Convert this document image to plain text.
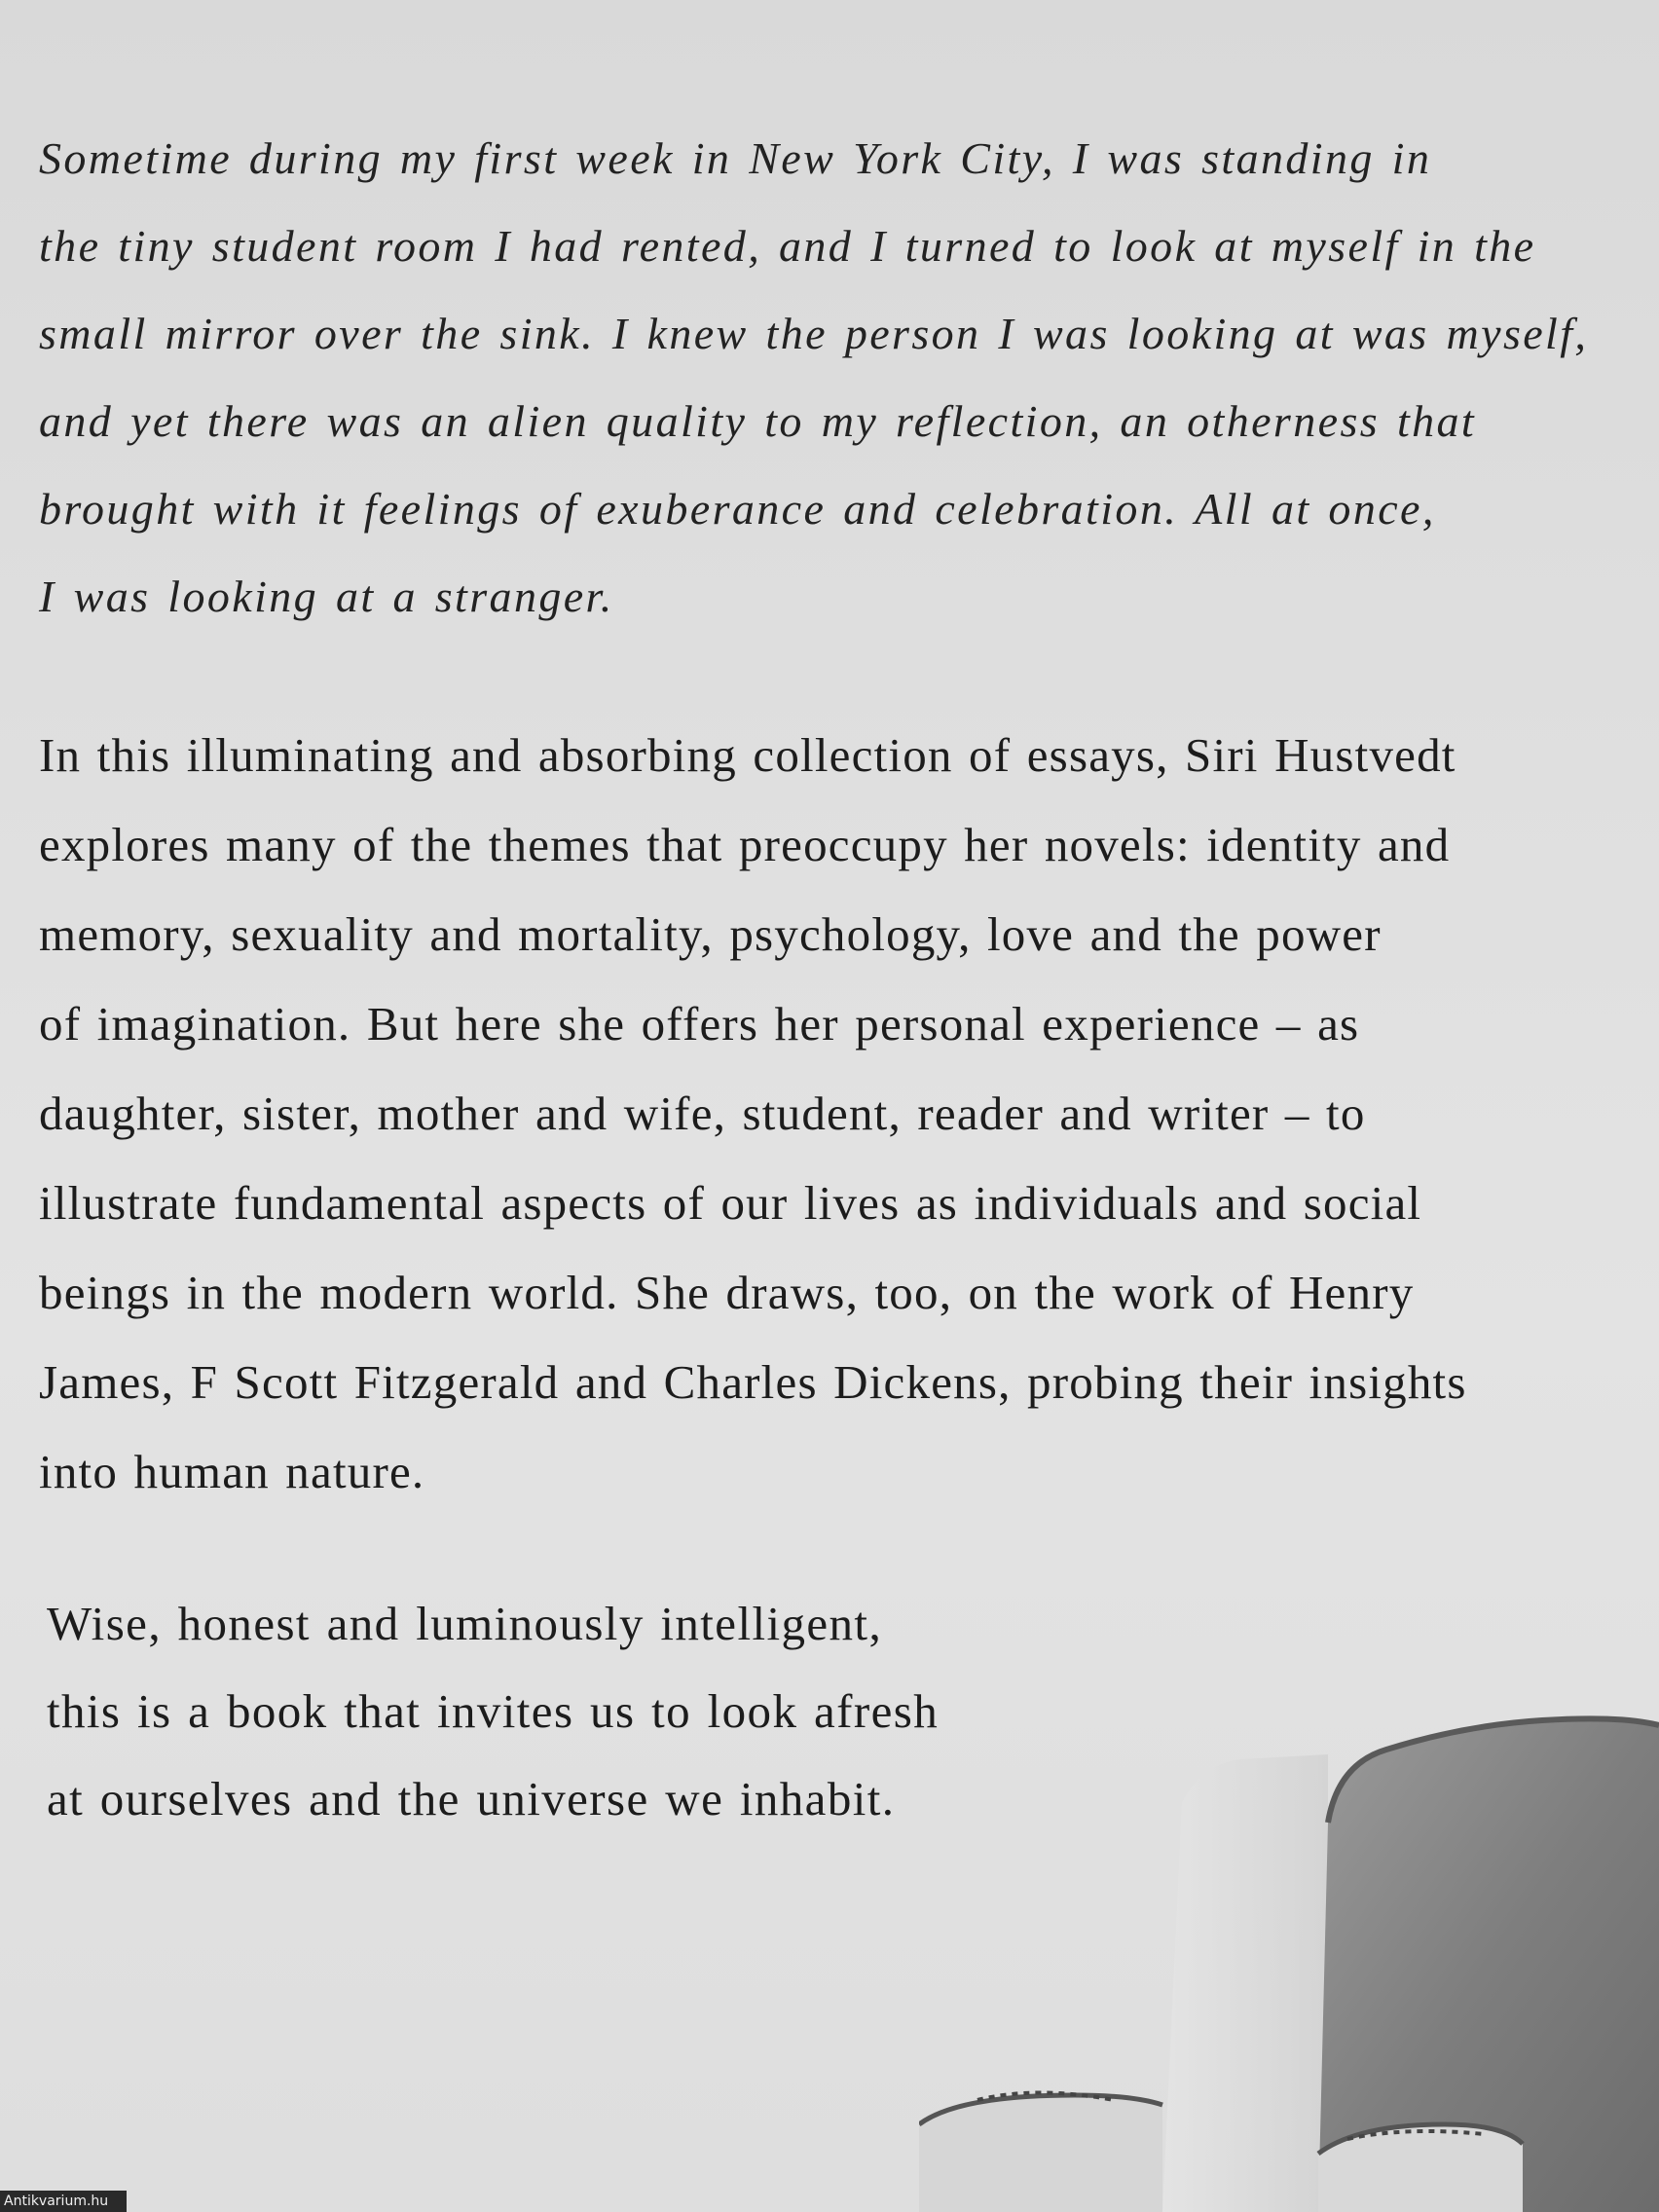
Sometime during my first week in New York City, I was standing in
the tiny student room I had rented, and I turned to look at myself in the
small mirror over the sink. I knew the person I was looking at was myself,
and yet there was an alien quality to my reflection, an otherness that
brought with it feelings of exuberance and celebration. All at once,
I was looking at a stranger.
In this illuminating and absorbing collection of essays, Siri Hustvedt
explores many of the themes that preoccupy her novels: identity and
memory, sexuality and mortality, psychology, love and the power
of imagination. But here she offers her personal experience – as
daughter, sister, mother and wife, student, reader and writer – to
illustrate fundamental aspects of our lives as individuals and social
beings in the modern world. She draws, too, on the work of Henry
James, F Scott Fitzgerald and Charles Dickens, probing their insights
into human nature.
Wise, honest and luminously intelligent,
this is a book that invites us to look afresh
at ourselves and the universe we inhabit.
Antikvarium.hu
